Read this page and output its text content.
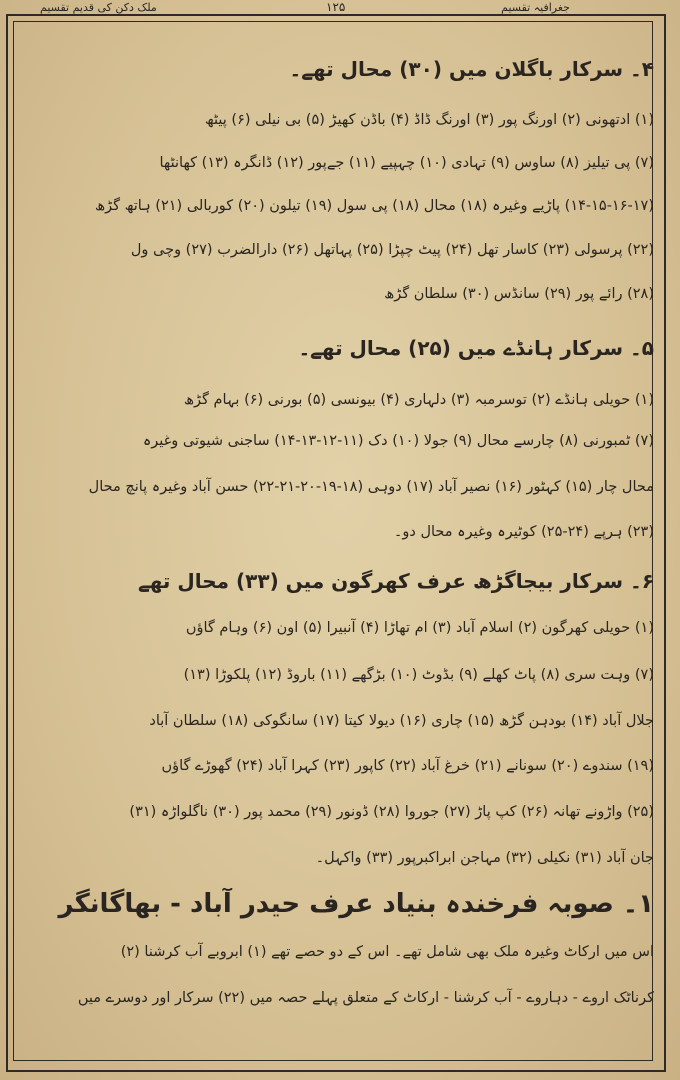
ملک دکن کی قدیم تقسیم	۱۲۵	جغرافیہ تقسیم
۴۔ سرکار باگلان میں (۳۰) محال تھے۔
(۱) ادتھونی (۲) اورنگ پور (۳) اورنگ ڈاڈ (۴) باڈن کھیڑ (۵) بی نیلی (۶) پیٹھ
(۷) پی تیلیز (۸) ساوس (۹) تہادی (۱۰) چہپیے (۱۱) جےپور (۱۲) ڈانگرہ (۱۳) کھانٹھا
(۱۴-۱۵-۱۶-۱۷) پاڑیے وغیرہ (۱۸) محال (۱۸) پی سول (۱۹) تیلون (۲۰) کوربالی (۲۱) ہاتھ گڑھ
(۲۲) پرسولی (۲۳) کاسار تھل (۲۴) پیٹ چپڑا (۲۵) پہاتھل (۲۶) دارالضرب (۲۷) وچی ول
(۲۸) رائے پور (۲۹) سانڈس (۳۰) سلطان گڑھ
۵۔ سرکار ہانڈے میں (۲۵) محال تھے۔
(۱) حویلی ہانڈے (۲) توسرمبہ (۳) دلہاری (۴) بیونسی (۵) بورنی (۶) بہام گڑھ
(۷) ٹمبورنی (۸) چارسے محال (۹) جولا (۱۰) دک (۱۱-۱۲-۱۳-۱۴) ساجنی شیوتی وغیرہ
محال چار (۱۵) کہٹور (۱۶) نصیر آباد (۱۷) دوہی (۱۸-۱۹-۲۰-۲۱-۲۲) حسن آباد وغیرہ پانچ محال
(۲۳) ہرپے (۲۴-۲۵) کوٹیرہ وغیرہ محال دو۔
۶۔ سرکار بیجاگڑھ عرف کھرگون میں (۳۳) محال تھے
(۱) حویلی کھرگون (۲) اسلام آباد (۳) ام تھاڑا (۴) آنبیرا (۵) اون (۶) وہام گاؤں
(۷) وہت سری (۸) پاٹ کھلے (۹) بڈوٹ (۱۰) بڑگھے (۱۱) باروڈ (۱۲) پلکوڑا (۱۳)
جلال آباد (۱۴) بودہن گڑھ (۱۵) چاری (۱۶) دیولا کیتا (۱۷) سانگوکی (۱۸) سلطان آباد
(۱۹) سندوے (۲۰) سونانے (۲۱) خرغ آباد (۲۲) کاپور (۲۳) کہرا آباد (۲۴) گھوڑے گاؤں
(۲۵) واڑونے تھانہ (۲۶) کپ پاڑ (۲۷) جوروا (۲۸) ڈونور (۲۹) محمد پور (۳۰) ناگلواڑہ (۳۱)
جان آباد (۳۱) نکیلی (۳۲) مہاجن ابراکبرپور (۳۳) واکہل۔
۱۔ صوبہ فرخندہ بنیاد عرف حیدر آباد - بھاگانگر
اس میں ارکاٹ وغیرہ ملک بھی شامل تھے۔ اس کے دو حصے تھے (۱) ابروبے آب کرشنا (۲)
کرناٹک اروے - دہاروے - آب کرشنا - ارکاٹ کے متعلق پہلے حصہ میں (۲۲) سرکار اور دوسرے میں
